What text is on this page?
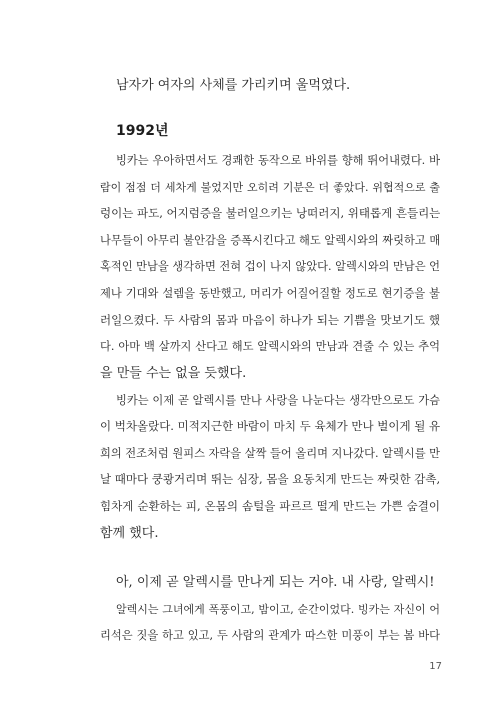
남자가 여자의 사체를 가리키며 울먹였다.
1992년
빙카는 우아하면서도 경쾌한 동작으로 바위를 향해 뛰어내렸다. 바
람이 점점 더 세차게 불었지만 오히려 기분은 더 좋았다. 위협적으로 출
렁이는 파도, 어지럼증을 불러일으키는 낭떠러지, 위태롭게 흔들리는
나무들이 아무리 불안감을 증폭시킨다고 해도 알렉시와의 짜릿하고 매
혹적인 만남을 생각하면 전혀 겁이 나지 않았다. 알렉시와의 만남은 언
제나 기대와 설렘을 동반했고, 머리가 어질어질할 정도로 현기증을 불
러일으켰다. 두 사람의 몸과 마음이 하나가 되는 기쁨을 맛보기도 했
다. 아마 백 살까지 산다고 해도 알렉시와의 만남과 견줄 수 있는 추억
을 만들 수는 없을 듯했다.
빙카는 이제 곧 알렉시를 만나 사랑을 나눈다는 생각만으로도 가슴
이 벅차올랐다. 미적지근한 바람이 마치 두 육체가 만나 벌이게 될 유
희의 전조처럼 원피스 자락을 살짝 들어 올리며 지나갔다. 알렉시를 만
날 때마다 쿵쾅거리며 뛰는 심장, 몸을 요동치게 만드는 짜릿한 감촉,
힘차게 순환하는 피, 온몸의 솜털을 파르르 떨게 만드는 가쁜 숨결이
함께 했다.
아, 이제 곧 알렉시를 만나게 되는 거야. 내 사랑, 알렉시!
알렉시는 그녀에게 폭풍이고, 밤이고, 순간이었다. 빙카는 자신이 어
리석은 짓을 하고 있고, 두 사람의 관계가 따스한 미풍이 부는 봄 바다
17
